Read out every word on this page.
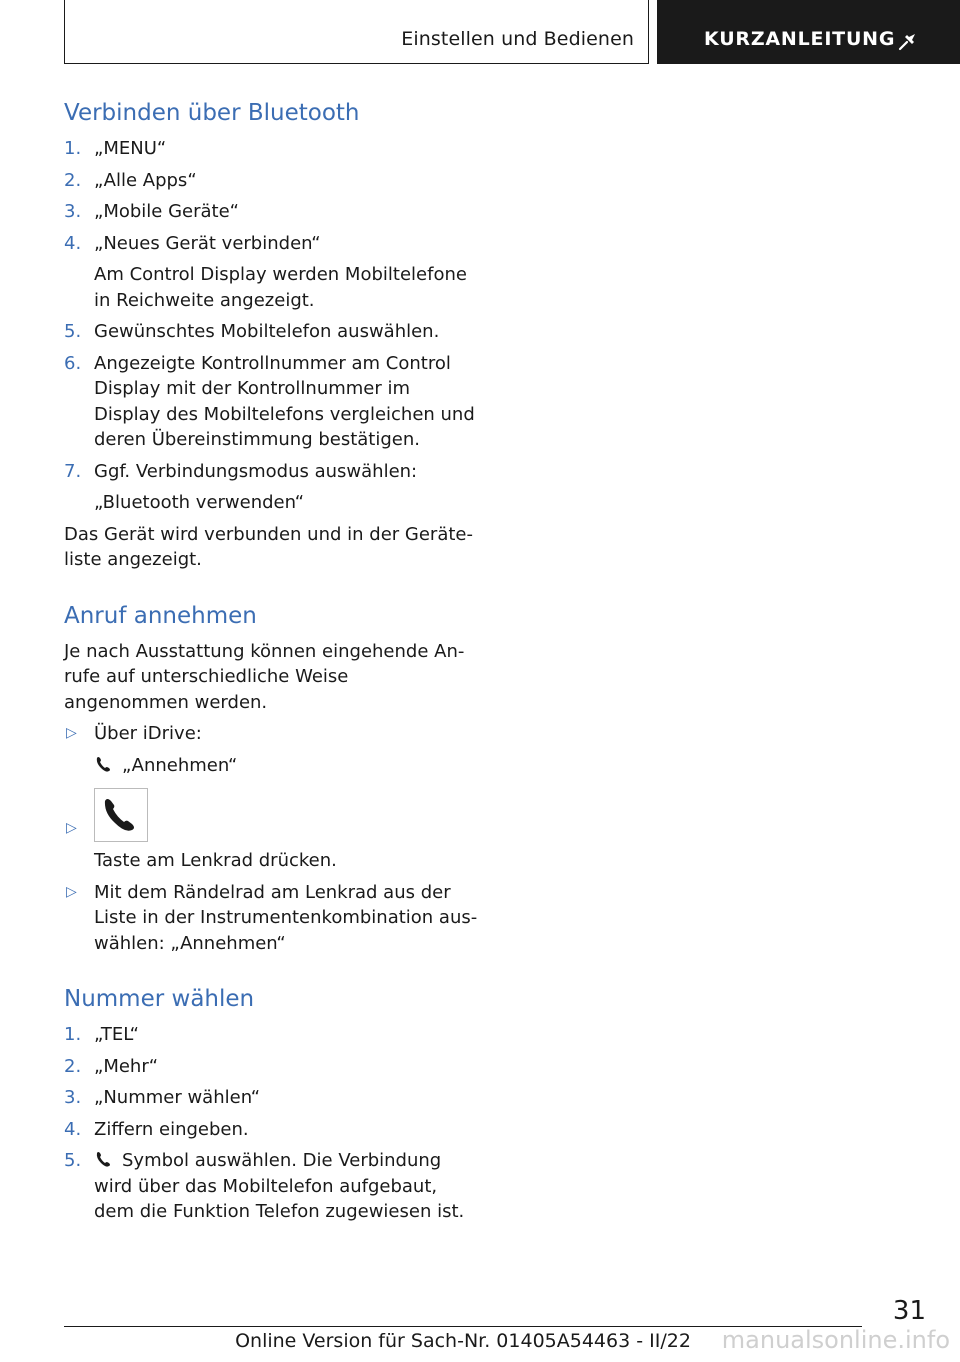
Einstellen und Bedienen	KURZANLEITUNG
Verbinden über Bluetooth
1. „MENU“
2. „Alle Apps“
3. „Mobile Geräte“
4. „Neues Gerät verbinden“
Am Control Display werden Mobiltelefone in Reichweite angezeigt.
5. Gewünschtes Mobiltelefon auswählen.
6. Angezeigte Kontrollnummer am Control Display mit der Kontrollnummer im Display des Mobiltelefons vergleichen und deren Übereinstimmung bestätigen.
7. Ggf. Verbindungsmodus auswählen:
„Bluetooth verwenden“

Das Gerät wird verbunden und in der Geräte-liste angezeigt.

Anruf annehmen

Je nach Ausstattung können eingehende An-rufe auf unterschiedliche Weise angenommen werden.

▷ Über iDrive:
„Annehmen“
▷
Taste am Lenkrad drücken.
▷ Mit dem Rändelrad am Lenkrad aus der Liste in der Instrumentenkombination aus-wählen: „Annehmen“
Nummer wählen
1. „TEL“
2. „Mehr“
3. „Nummer wählen“
4. Ziffern eingeben.
5. Symbol auswählen. Die Verbindung wird über das Mobiltelefon aufgebaut, dem die Funktion Telefon zugewiesen ist.
31
Online Version für Sach-Nr. 01405A54463 - II/22	manualsonline.info
